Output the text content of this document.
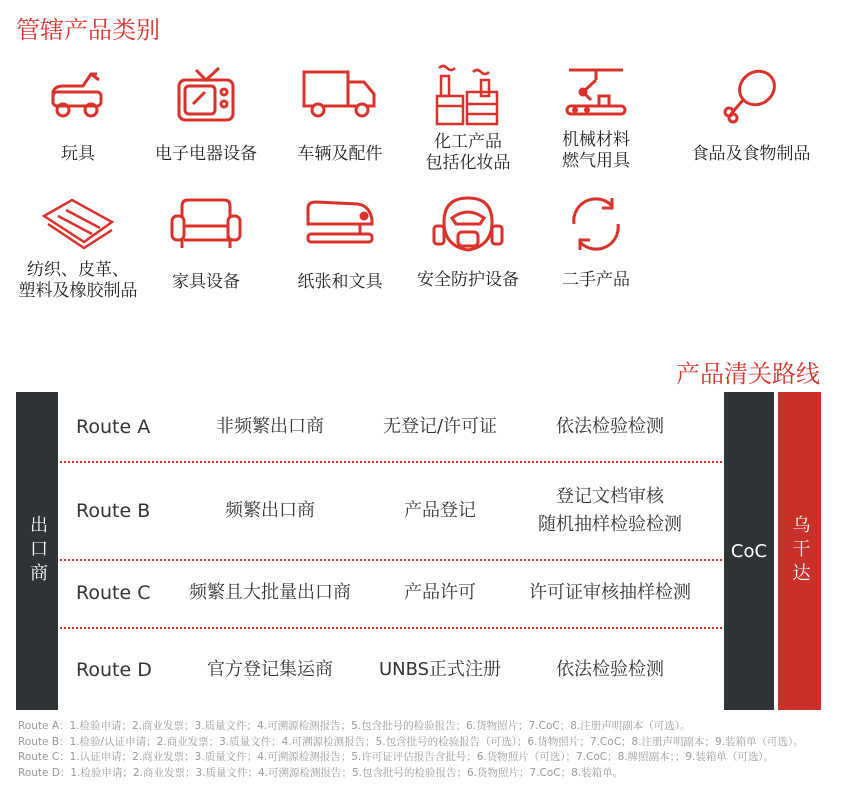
管辖产品类别
玩具	电子电器设备	车辆及配件
化工产品
包括化妆品
机械材料
燃气用具	食品及食物制品
纺织、皮革、
塑料及橡胶制品	家具设备	纸张和文具	安全防护设备	二手产品
产品清关路线
出口商	CoC 乌干达
Route A	非频繁出口商	无登记/许可证	依法检验检测
Route B	频繁出口商	产品登记
登记文档审核
随机抽样检验检测
Route C	频繁且大批量出口商	产品许可	许可证审核抽样检测
Route D	官方登记集运商	UNBS正式注册	依法检验检测
Route A：1.检验申请；2.商业发票；3.质量文件；4.可溯源检测报告；5.包含批号的检验报告；6.货物照片；7.CoC；8.注册声明副本（可选）。
Route B：1.检验/认证申请；2.商业发票；3.质量文件；4.可溯源检测报告；5.包含批号的检验报告（可选）；6.货物照片；7.CoC；8.注册声明副本；9.装箱单（可选）。
Route C：1.认证申请；2.商业发票；3.质量文件；4.可溯源检测报告；5.许可证评估报告含批号；6.货物照片（可选）；7.CoC；8.牌照副本；；9.装箱单（可选）。
Route D：1.检验申请；2.商业发票；3.质量文件；4.可溯源检测报告；5.包含批号的检验报告；6.货物照片；7.CoC；8.装箱单。
